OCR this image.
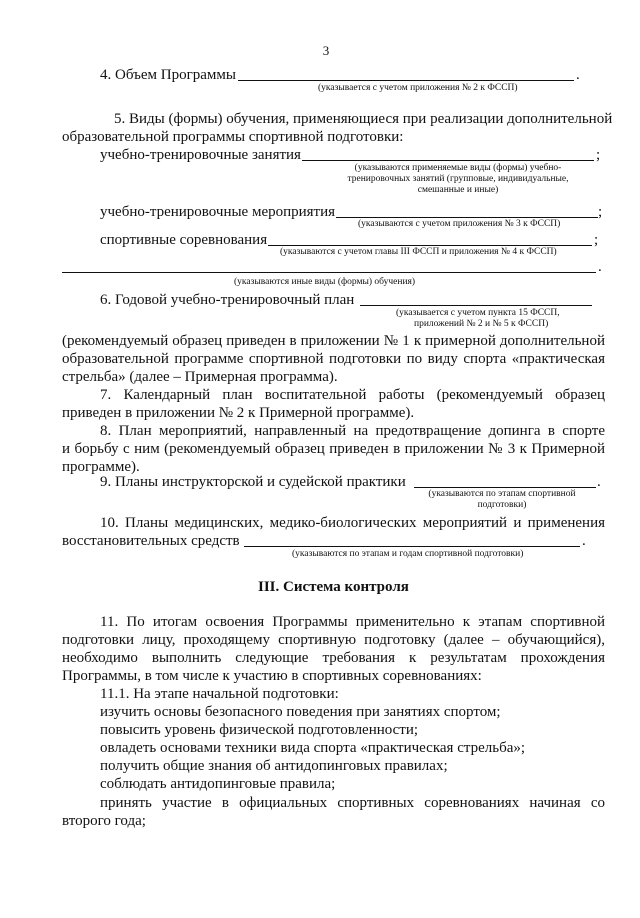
3
4. Объем Программы	.
(указывается с учетом приложения № 2 к ФССП)
5. Виды (формы) обучения, применяющиеся при реализации дополнительной
образовательной программы спортивной подготовки:
учебно-тренировочные занятия	;
(указываются применяемые виды (формы) учебно-
тренировочных занятий (групповые, индивидуальные,
смешанные и иные)
учебно-тренировочные мероприятия	;
(указываются с учетом приложения № 3 к ФССП)
спортивные соревнования	;
(указываются с учетом главы III ФССП и приложения № 4 к ФССП)
.
(указываются иные виды (формы) обучения)
6. Годовой учебно-тренировочный план
(указывается с учетом пункта 15 ФССП,
приложений № 2 и № 5 к ФССП)
(рекомендуемый образец приведен в приложении № 1 к примерной дополнительной
образовательной программе спортивной подготовки по виду спорта «практическая
стрельба» (далее – Примерная программа).
7. Календарный план воспитательной работы (рекомендуемый образец
приведен в приложении № 2 к Примерной программе).
8. План мероприятий, направленный на предотвращение допинга в спорте
и борьбу с ним (рекомендуемый образец приведен в приложении № 3 к Примерной
программе).
9. Планы инструкторской и судейской практики	.
(указываются по этапам спортивной
подготовки)
10. Планы медицинских, медико-биологических мероприятий и применения
восстановительных средств	.
(указываются по этапам и годам спортивной подготовки)
III. Система контроля
11. По итогам освоения Программы применительно к этапам спортивной
подготовки лицу, проходящему спортивную подготовку (далее – обучающийся),
необходимо выполнить следующие требования к результатам прохождения
Программы, в том числе к участию в спортивных соревнованиях:
11.1. На этапе начальной подготовки:
изучить основы безопасного поведения при занятиях спортом;
повысить уровень физической подготовленности;
овладеть основами техники вида спорта «практическая стрельба»;
получить общие знания об антидопинговых правилах;
соблюдать антидопинговые правила;
принять участие в официальных спортивных соревнованиях начиная со
второго года;
